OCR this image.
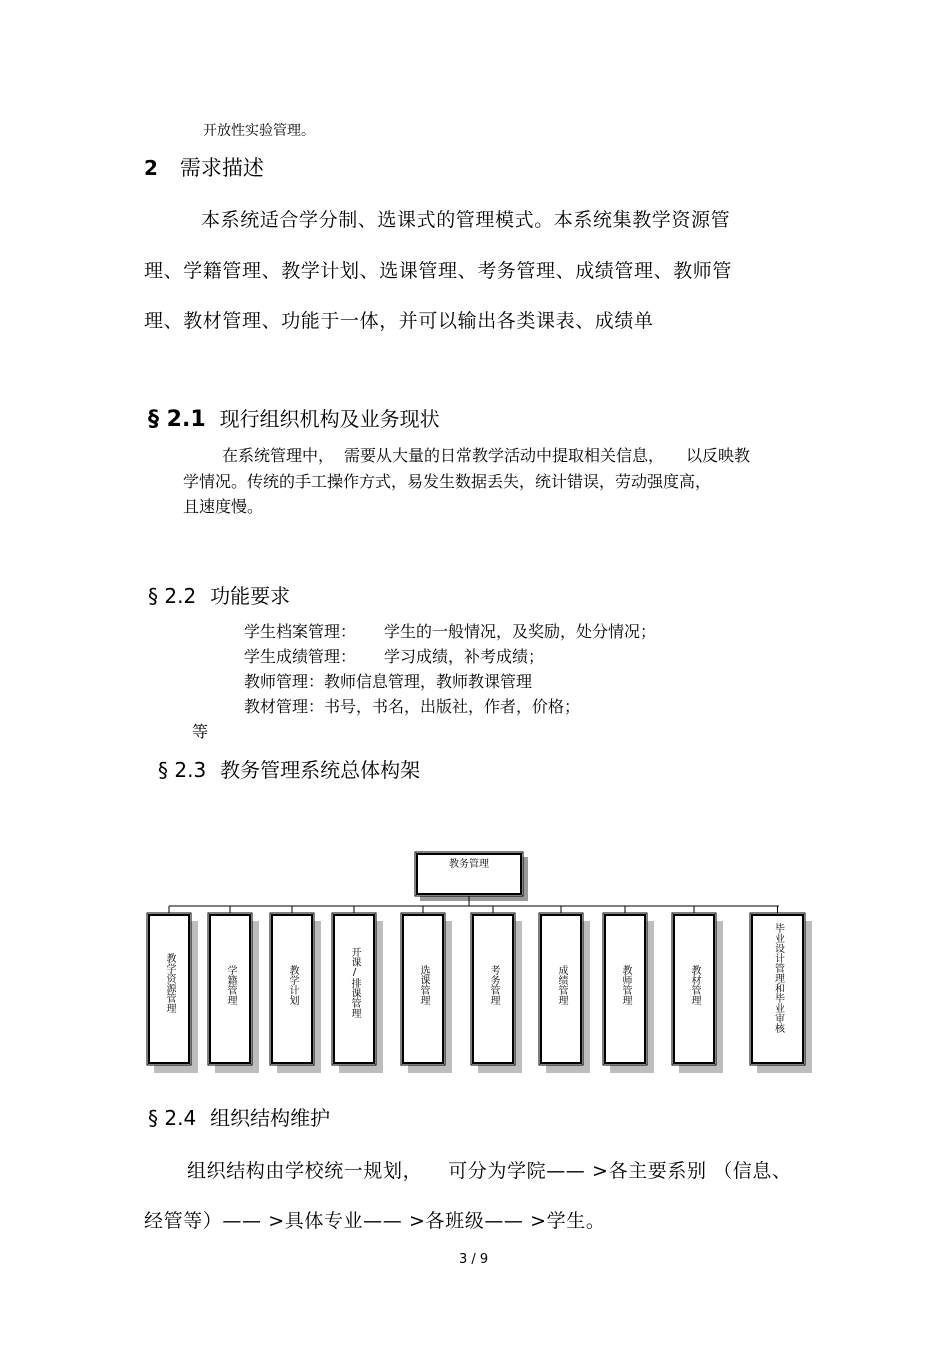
开放性实验管理。
2 需求描述
本系统适合学分制、选课式的管理模式。本系统集教学资源管
理、学籍管理、教学计划、选课管理、考务管理、成绩管理、教师管
理、教材管理、功能于一体，并可以输出各类课表、成绩单
§ 2.1 现行组织机构及业务现状
在系统管理中， 需要从大量的日常教学活动中提取相关信息， 以反映教
学情况。传统的手工操作方式，易发生数据丢失，统计错误，劳动强度高，
且速度慢。
§ 2.2 功能要求
学生档案管理： 学生的一般情况，及奖励，处分情况；
学生成绩管理： 学习成绩，补考成绩；
教师管理：教师信息管理，教师教课管理
教材管理：书号，书名，出版社，作者，价格；
等
§ 2.3 教务管理系统总体构架
教务管理
教学资源管理	学籍管理	教学计划	开课/排课管理	选课管理	考务管理	成绩管理	教师管理	教材管理	毕业设计管理和毕业审核
§ 2.4 组织结构维护
组织结构由学校统一规划， 可分为学院—— >各主要系别 （信息、
经管等）—— >具体专业—— >各班级—— >学生。
3 / 9
